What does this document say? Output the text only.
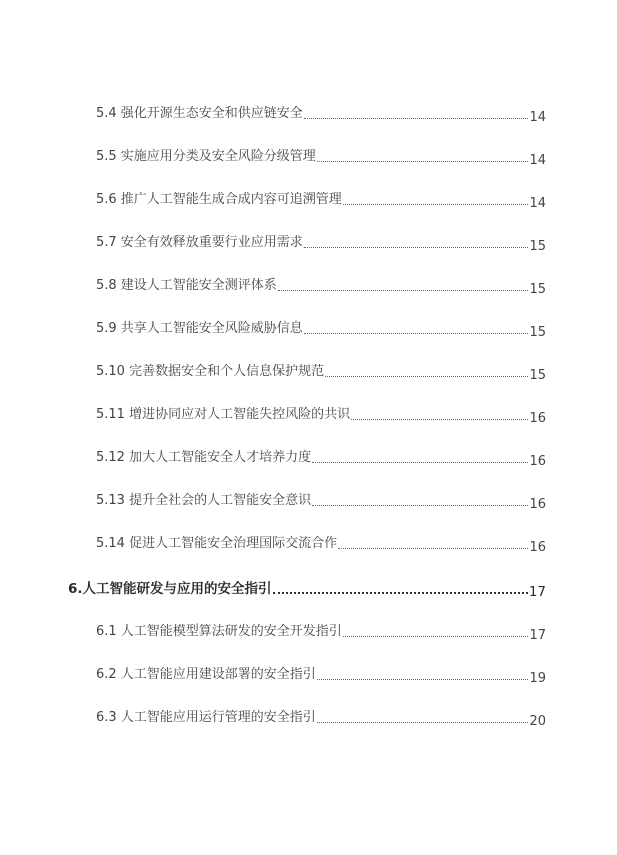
5.4 强化开源生态安全和供应链安全	14
5.5 实施应用分类及安全风险分级管理	14
5.6 推广人工智能生成合成内容可追溯管理	14
5.7 安全有效释放重要行业应用需求	15
5.8 建设人工智能安全测评体系	15
5.9 共享人工智能安全风险威胁信息	15
5.10 完善数据安全和个人信息保护规范	15
5.11 增进协同应对人工智能失控风险的共识	16
5.12 加大人工智能安全人才培养力度	16
5.13 提升全社会的人工智能安全意识	16
5.14 促进人工智能安全治理国际交流合作	16
6.人工智能研发与应用的安全指引	17
6.1 人工智能模型算法研发的安全开发指引	17
6.2 人工智能应用建设部署的安全指引	19
6.3 人工智能应用运行管理的安全指引	20
